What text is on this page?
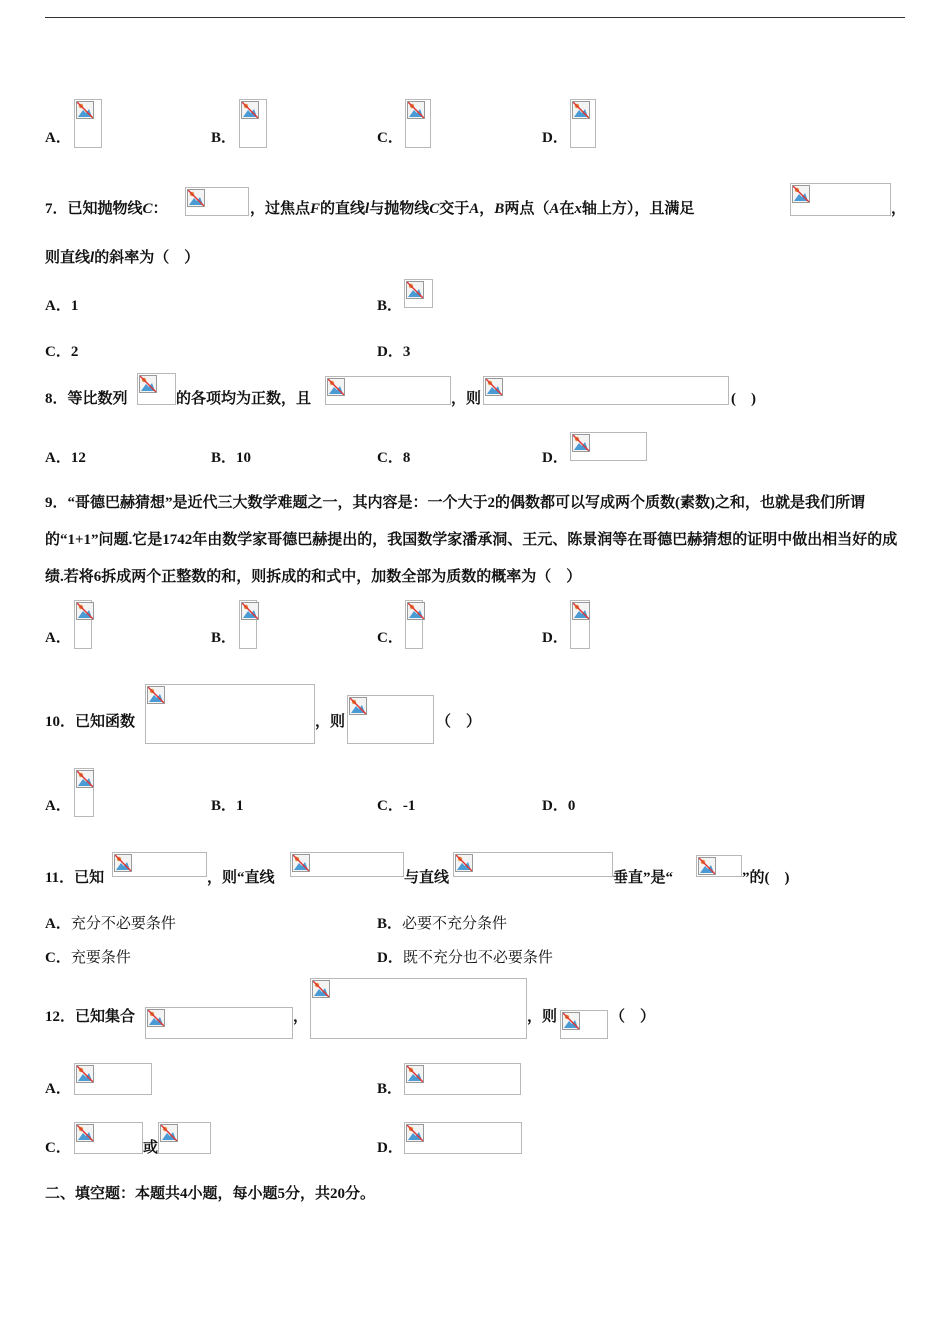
A．	B．	C．	D．
7．已知抛物线C：	，过焦点F的直线l与抛物线C交于A，B两点（A在x轴上方），且满足	，
则直线l的斜率为（　）
A．1	B．
C．2	D．3
8．等比数列	的各项均为正数，且	，则	(　)
A．12	B．10	C．8	D．
9．“哥德巴赫猜想”是近代三大数学难题之一，其内容是：一个大于2的偶数都可以写成两个质数(素数)之和，也就是我们所谓的“1+1”问题.它是1742年由数学家哥德巴赫提出的，我国数学家潘承洞、王元、陈景润等在哥德巴赫猜想的证明中做出相当好的成绩.若将6拆成两个正整数的和，则拆成的和式中，加数全部为质数的概率为（　）
A．	B．	C．	D．
10．已知函数	，则	（　）
A．	B．1	C．-1	D．0
11．已知	，则“直线	与直线	垂直”是“	”的(　)
A．充分不必要条件	B．必要不充分条件
C．充要条件	D．既不充分也不必要条件
12．已知集合	，	，则	（　）
A．	B．
C．	或	D．
二、填空题：本题共4小题，每小题5分，共20分。
